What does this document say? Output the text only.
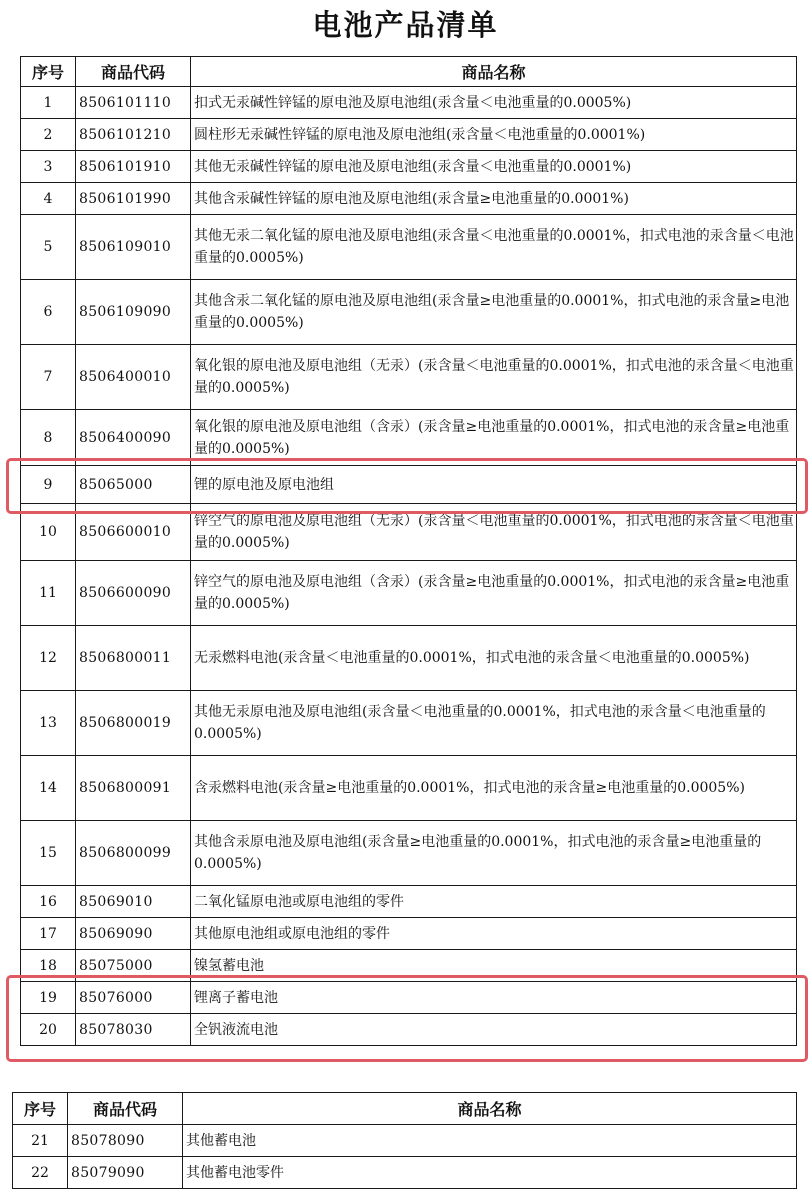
电池产品清单
序号	商品代码	商品名称
1	8506101110	扣式无汞碱性锌锰的原电池及原电池组(汞含量＜电池重量的0.0005%)
2	8506101210	圆柱形无汞碱性锌锰的原电池及原电池组(汞含量＜电池重量的0.0001%)
3	8506101910	其他无汞碱性锌锰的原电池及原电池组(汞含量＜电池重量的0.0001%)
4	8506101990	其他含汞碱性锌锰的原电池及原电池组(汞含量≥电池重量的0.0001%)
5	8506109010	其他无汞二氧化锰的原电池及原电池组(汞含量＜电池重量的0.0001%，扣式电池的汞含量＜电池重量的0.0005%)
6	8506109090	其他含汞二氧化锰的原电池及原电池组(汞含量≥电池重量的0.0001%，扣式电池的汞含量≥电池重量的0.0005%)
7	8506400010	氧化银的原电池及原电池组（无汞）(汞含量＜电池重量的0.0001%，扣式电池的汞含量＜电池重量的0.0005%)
8	8506400090	氧化银的原电池及原电池组（含汞）(汞含量≥电池重量的0.0001%，扣式电池的汞含量≥电池重量的0.0005%)
9	85065000	锂的原电池及原电池组
10	8506600010	锌空气的原电池及原电池组（无汞）(汞含量＜电池重量的0.0001%，扣式电池的汞含量＜电池重量的0.0005%)
11	8506600090	锌空气的原电池及原电池组（含汞）(汞含量≥电池重量的0.0001%，扣式电池的汞含量≥电池重量的0.0005%)
12	8506800011	无汞燃料电池(汞含量＜电池重量的0.0001%，扣式电池的汞含量＜电池重量的0.0005%)
13	8506800019	其他无汞原电池及原电池组(汞含量＜电池重量的0.0001%，扣式电池的汞含量＜电池重量的0.0005%)
14	8506800091	含汞燃料电池(汞含量≥电池重量的0.0001%，扣式电池的汞含量≥电池重量的0.0005%)
15	8506800099	其他含汞原电池及原电池组(汞含量≥电池重量的0.0001%，扣式电池的汞含量≥电池重量的0.0005%)
16	85069010	二氧化锰原电池或原电池组的零件
17	85069090	其他原电池组或原电池组的零件
18	85075000	镍氢蓄电池
19	85076000	锂离子蓄电池
20	85078030	全钒液流电池
序号	商品代码	商品名称
21	85078090	其他蓄电池
22	85079090	其他蓄电池零件
